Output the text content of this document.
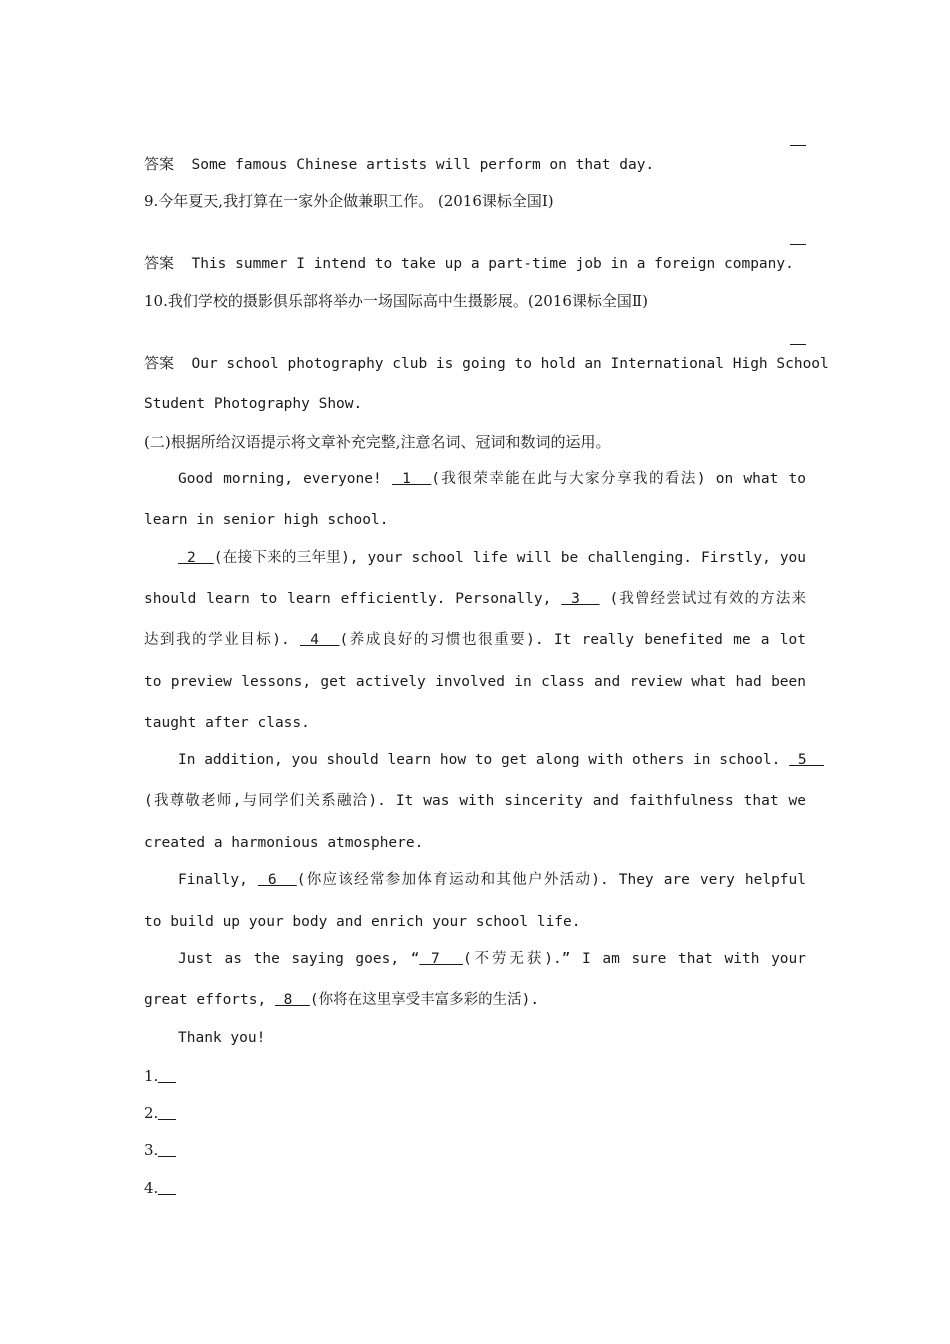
答案 Some famous Chinese artists will perform on that day.
9.今年夏天,我打算在一家外企做兼职工作。 (2016课标全国Ⅰ)
答案 This summer I intend to take up a part-time job in a foreign company.
10.我们学校的摄影俱乐部将举办一场国际高中生摄影展。(2016课标全国Ⅱ)
答案 Our school photography club is going to hold an International High School
Student Photography Show.
(二)根据所给汉语提示将文章补充完整,注意名词、冠词和数词的运用。
Good morning, everyone!  1  (我很荣幸能在此与大家分享我的看法) on what to
learn in senior high school.
2  (在接下来的三年里), your school life will be challenging. Firstly, you
should learn to learn efficiently. Personally,  3   (我曾经尝试过有效的方法来
达到我的学业目标).  4  (养成良好的习惯也很重要). It really benefited me a lot
to preview lessons, get actively involved in class and review what had been
taught after class.
In addition, you should learn how to get along with others in school.  5
(我尊敬老师,与同学们关系融洽). It was with sincerity and faithfulness that we
created a harmonious atmosphere.
Finally,  6  (你应该经常参加体育运动和其他户外活动). They are very helpful
to build up your body and enrich your school life.
Just as the saying goes, “ 7  (不劳无获).” I am sure that with your
great efforts,  8  (你将在这里享受丰富多彩的生活).
Thank you!
1.
2.
3.
4.
